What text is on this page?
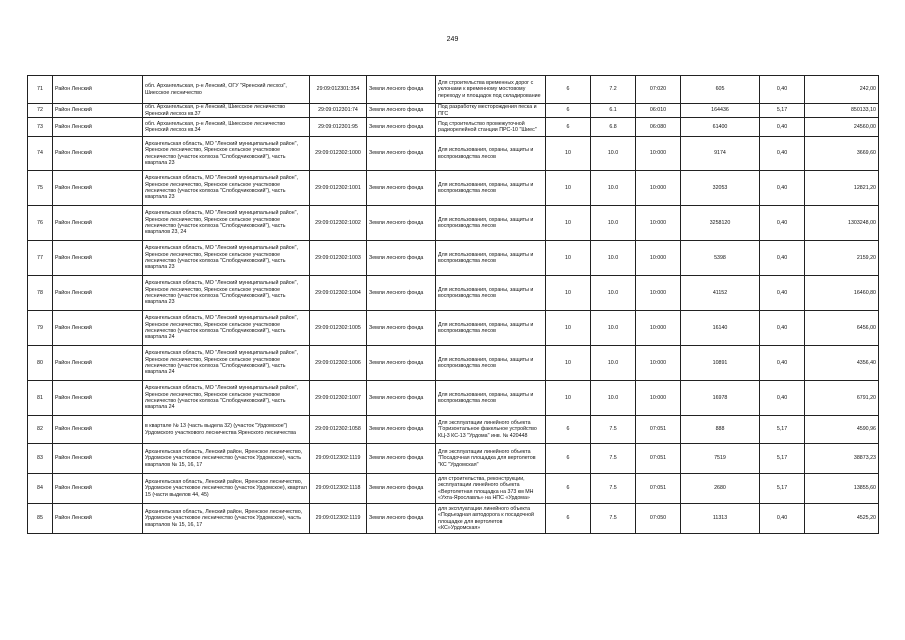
249
71	Район Ленский	обл. Архангельская, р-н Ленский, ОГУ "Яренский лесхоз", Шиесское лесничество	29:09:012301:354	Земли лесного фонда	Для строительства временных дорог с уклонами к временному мостовому переходу и площадок под складирование	6	7.2	07:020	605	0,40	242,00
72	Район Ленский	обл. Архангельская, р-н Ленский, Шиесское лесничество Яренский лесхоз кв.37	29:09:012301:74	Земли лесного фонда	Под разработку месторождения песка и ПГС	6	6.1	06:010	164436	5,17	850133,10
73	Район Ленский	обл. Архангельская, р-н Ленский, Шиесское лесничество Яренский лесхоз кв.34	29:09:012301:95	Земли лесного фонда	Под строительство промежуточной радиорелейной станции ПРС-10 "Шиес"	6	6.8	06:080	61400	0,40	24560,00
74	Район Ленский	Архангельская область, МО "Ленский муниципальный район", Яренское лесничество, Яренское сельское участковое лесничество (участок колхоза "Слободчиковский"), часть квартала 23	29:09:012302:1000	Земли лесного фонда	Для использования, охраны, защиты и воспроизводства лесов	10	10.0	10:000	9174	0,40	3669,60
75	Район Ленский	Архангельская область, МО "Ленский муниципальный район", Яренское лесничество, Яренское сельское участковое лесничество (участок колхоза "Слободчиковский"), часть квартала 23	29:09:012302:1001	Земли лесного фонда	Для использования, охраны, защиты и воспроизводства лесов	10	10.0	10:000	32053	0,40	12821,20
76	Район Ленский	Архангельская область, МО "Ленский муниципальный район", Яренское лесничество, Яренское сельское участковое лесничество (участок колхоза "Слободчиковский"), часть кварталов 23, 24	29:09:012302:1002	Земли лесного фонда	Для использования, охраны, защиты и воспроизводства лесов	10	10.0	10:000	3258120	0,40	1303248,00
77	Район Ленский	Архангельская область, МО "Ленский муниципальный район", Яренское лесничество, Яренское сельское участковое лесничество (участок колхоза "Слободчиковский"), часть квартала 23	29:09:012302:1003	Земли лесного фонда	Для использования, охраны, защиты и воспроизводства лесов	10	10.0	10:000	5398	0,40	2159,20
78	Район Ленский	Архангельская область, МО "Ленский муниципальный район", Яренское лесничество, Яренское сельское участковое лесничество (участок колхоза "Слободчиковский"), часть квартала 23	29:09:012302:1004	Земли лесного фонда	Для использования, охраны, защиты и воспроизводства лесов	10	10.0	10:000	41152	0,40	16460,80
79	Район Ленский	Архангельская область, МО "Ленский муниципальный район", Яренское лесничество, Яренское сельское участковое лесничество (участок колхоза "Слободчиковский"), часть квартала 24	29:09:012302:1005	Земли лесного фонда	Для использования, охраны, защиты и воспроизводства лесов	10	10.0	10:000	16140	0,40	6456,00
80	Район Ленский	Архангельская область, МО "Ленский муниципальный район", Яренское лесничество, Яренское сельское участковое лесничество (участок колхоза "Слободчиковский"), часть квартала 24	29:09:012302:1006	Земли лесного фонда	Для использования, охраны, защиты и воспроизводства лесов	10	10.0	10:000	10891	0,40	4356,40
81	Район Ленский	Архангельская область, МО "Ленский муниципальный район", Яренское лесничество, Яренское сельское участковое лесничество (участок колхоза "Слободчиковский"), часть квартала 24	29:09:012302:1007	Земли лесного фонда	Для использования, охраны, защиты и воспроизводства лесов	10	10.0	10:000	16978	0,40	6791,20
82	Район Ленский	в квартале № 13 (часть выдела 32) (участок "Урдомское") Урдомского участкового лесничества Яренского лесничества	29:09:012302:1058	Земли лесного фонда	Для эксплуатации линейного объекта "Горизонтальное факельное устройство КЦ-3 КС-13 "Урдома" инв. № 420448	6	7.5	07:051	888	5,17	4590,96
83	Район Ленский	Архангельская область, Ленский район, Яренское лесничество, Урдомское участковое лесничество (участок Урдомское), часть кварталов № 15, 16, 17	29:09:012302:1119	Земли лесного фонда	Для эксплуатации линейного объекта "Посадочная площадка для вертолетов "КС "Урдомская"	6	7.5	07:051	7519	5,17	38873,23
84	Район Ленский	Архангельская область, Ленский район, Яренское лесничество, Урдомское участковое лесничество (участок Урдомское), квартал 15 (части выделов 44, 45)	29:09:012302:1118	Земли лесного фонда	для строительства, реконструкции, эксплуатации линейного объекта «Вертолетная площадка на 373 км МН «Ухта-Ярославль» на НПС «Урдома»	6	7.5	07:051	2680	5,17	13855,60
85	Район Ленский	Архангельская область, Ленский район, Яренское лесничество, Урдомское участковое лесничество (участок Урдомское), часть кварталов № 15, 16, 17	29:09:012302:1119	Земли лесного фонда	для эксплуатации линейного объекта «Подъездная автодорога к посадочной площадке для вертолетов «КС»Урдомская»	6	7.5	07:050	11313	0,40	4525,20
